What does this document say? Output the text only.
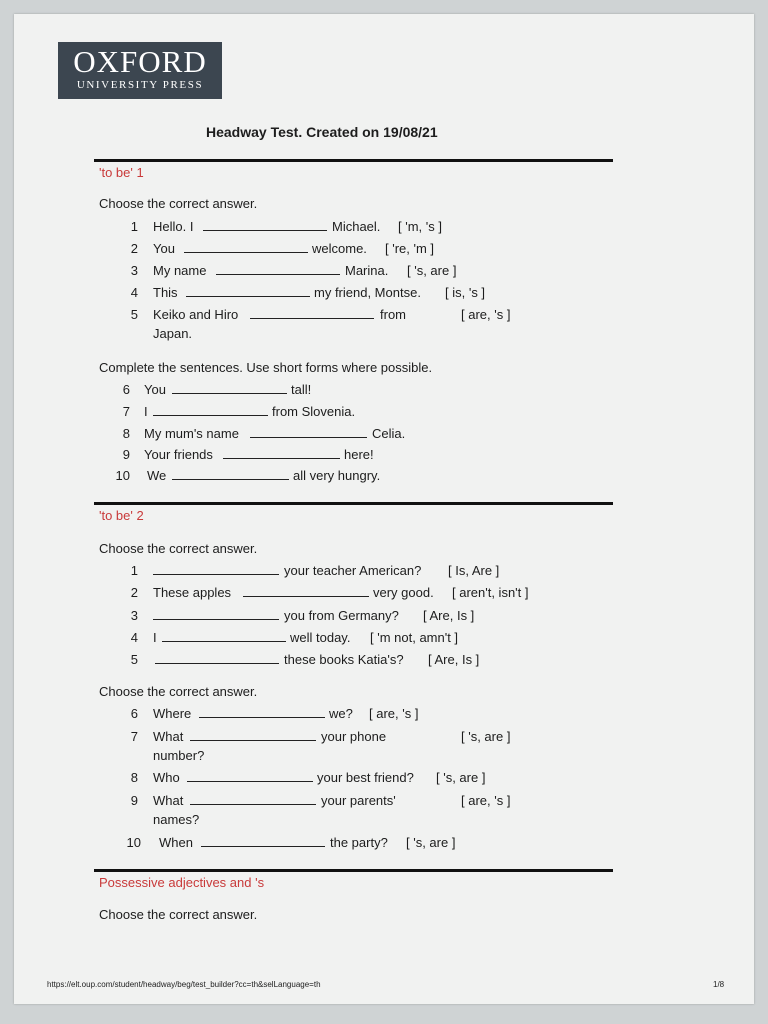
OXFORD
UNIVERSITY PRESS
Headway Test. Created on 19/08/21
'to be' 1
Choose the correct answer.
1 Hello. I	Michael. [ 'm, 's ]
2 You	welcome. [ 're, 'm ]
3 My name	Marina. [ 's, are ]
4 This	my friend, Montse. [ is, 's ]
5 Keiko and Hiro	from	[ are, 's ]
Japan.
Complete the sentences. Use short forms where possible.
6 You	tall!
7 I	from Slovenia.
8 My mum's name	Celia.
9 Your friends	here!
10 We	all very hungry.
'to be' 2
Choose the correct answer.
1	your teacher American? [ Is, Are ]
2 These apples	very good. [ aren't, isn't ]
3	you from Germany? [ Are, Is ]
4 I	well today. [ 'm not, amn't ]
5	these books Katia's? [ Are, Is ]
Choose the correct answer.
6 Where	we? [ are, 's ]
7 What	your phone	[ 's, are ]
number?
8 Who	your best friend? [ 's, are ]
9 What	your parents'	[ are, 's ]
names?
10 When	the party? [ 's, are ]
Possessive adjectives and 's
Choose the correct answer.
https://elt.oup.com/student/headway/beg/test_builder?cc=th&selLanguage=th	1/8
